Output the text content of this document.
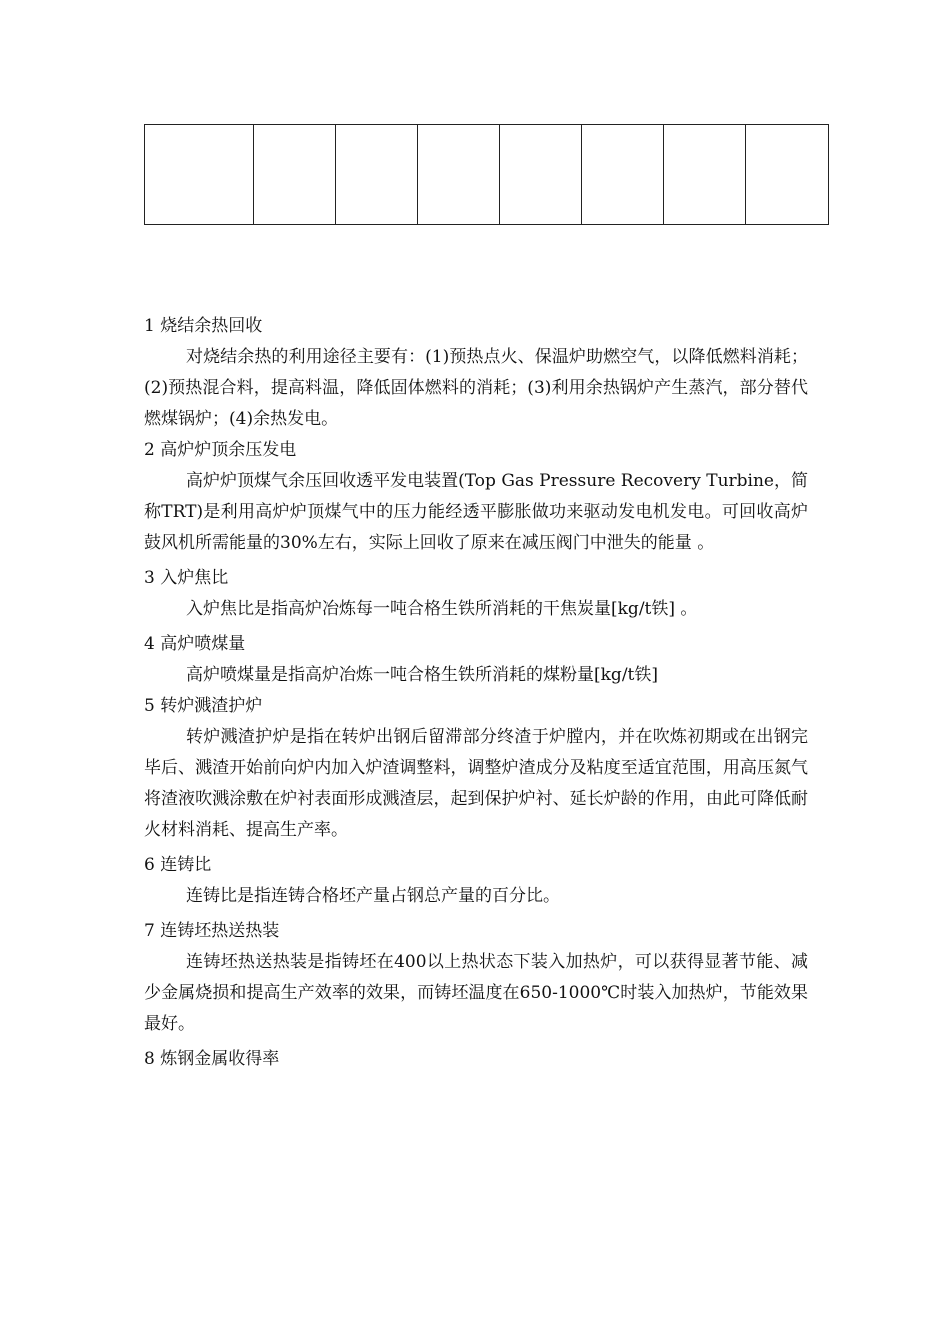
1 烧结余热回收

对烧结余热的利用途径主要有：(1)预热点火、保温炉助燃空气，以降低燃料消耗；(2)预热混合料，提高料温，降低固体燃料的消耗；(3)利用余热锅炉产生蒸汽，部分替代燃煤锅炉；(4)余热发电。

2 高炉炉顶余压发电

高炉炉顶煤气余压回收透平发电装置(Top Gas Pressure Recovery Turbine，简称TRT)是利用高炉炉顶煤气中的压力能经透平膨胀做功来驱动发电机发电。可回收高炉鼓风机所需能量的30%左右，实际上回收了原来在减压阀门中泄失的能量 。

3 入炉焦比

入炉焦比是指高炉冶炼每一吨合格生铁所消耗的干焦炭量[kg/t铁] 。

4 高炉喷煤量

高炉喷煤量是指高炉冶炼一吨合格生铁所消耗的煤粉量[kg/t铁]

5 转炉溅渣护炉

转炉溅渣护炉是指在转炉出钢后留滞部分终渣于炉膛内，并在吹炼初期或在出钢完毕后、溅渣开始前向炉内加入炉渣调整料，调整炉渣成分及粘度至适宜范围，用高压氮气将渣液吹溅涂敷在炉衬表面形成溅渣层，起到保护炉衬、延长炉龄的作用，由此可降低耐火材料消耗、提高生产率。

6 连铸比

连铸比是指连铸合格坯产量占钢总产量的百分比。

7 连铸坯热送热装

连铸坯热送热装是指铸坯在400以上热状态下装入加热炉，可以获得显著节能、减少金属烧损和提高生产效率的效果，而铸坯温度在650-1000℃时装入加热炉，节能效果最好。

8 炼钢金属收得率
